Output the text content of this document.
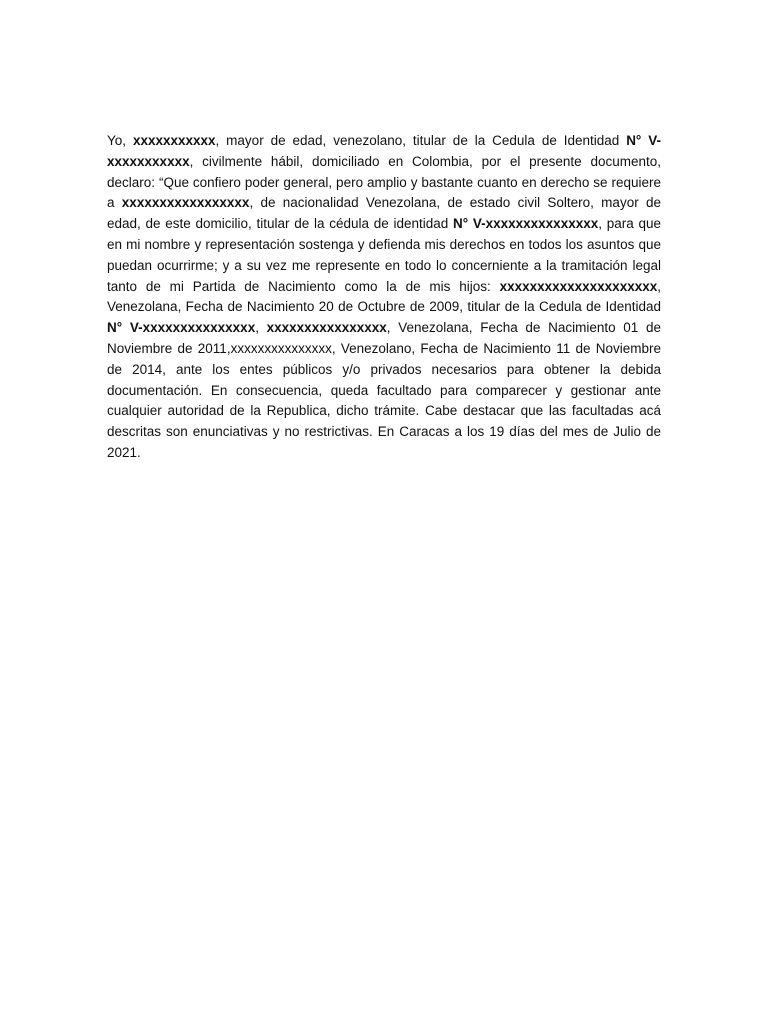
Yo, xxxxxxxxxxx, mayor de edad, venezolano, titular de la Cedula de Identidad N° V-xxxxxxxxxxx, civilmente hábil, domiciliado en Colombia, por el presente documento, declaro: “Que confiero poder general, pero amplio y bastante cuanto en derecho se requiere a xxxxxxxxxxxxxxxxx, de nacionalidad Venezolana, de estado civil Soltero, mayor de edad, de este domicilio, titular de la cédula de identidad N° V-xxxxxxxxxxxxxxx, para que en mi nombre y representación sostenga y defienda mis derechos en todos los asuntos que puedan ocurrirme; y a su vez me represente en todo lo concerniente a la tramitación legal tanto de mi Partida de Nacimiento como la de mis hijos: xxxxxxxxxxxxxxxxxxxxx, Venezolana, Fecha de Nacimiento 20 de Octubre de 2009, titular de la Cedula de Identidad N° V-xxxxxxxxxxxxxxx, xxxxxxxxxxxxxxxx, Venezolana, Fecha de Nacimiento 01 de Noviembre de 2011,xxxxxxxxxxxxxxx, Venezolano, Fecha de Nacimiento 11 de Noviembre de 2014, ante los entes públicos y/o privados necesarios para obtener la debida documentación. En consecuencia, queda facultado para comparecer y gestionar ante cualquier autoridad de la Republica, dicho trámite. Cabe destacar que las facultadas acá descritas son enunciativas y no restrictivas. En Caracas a los 19 días del mes de Julio de 2021.
